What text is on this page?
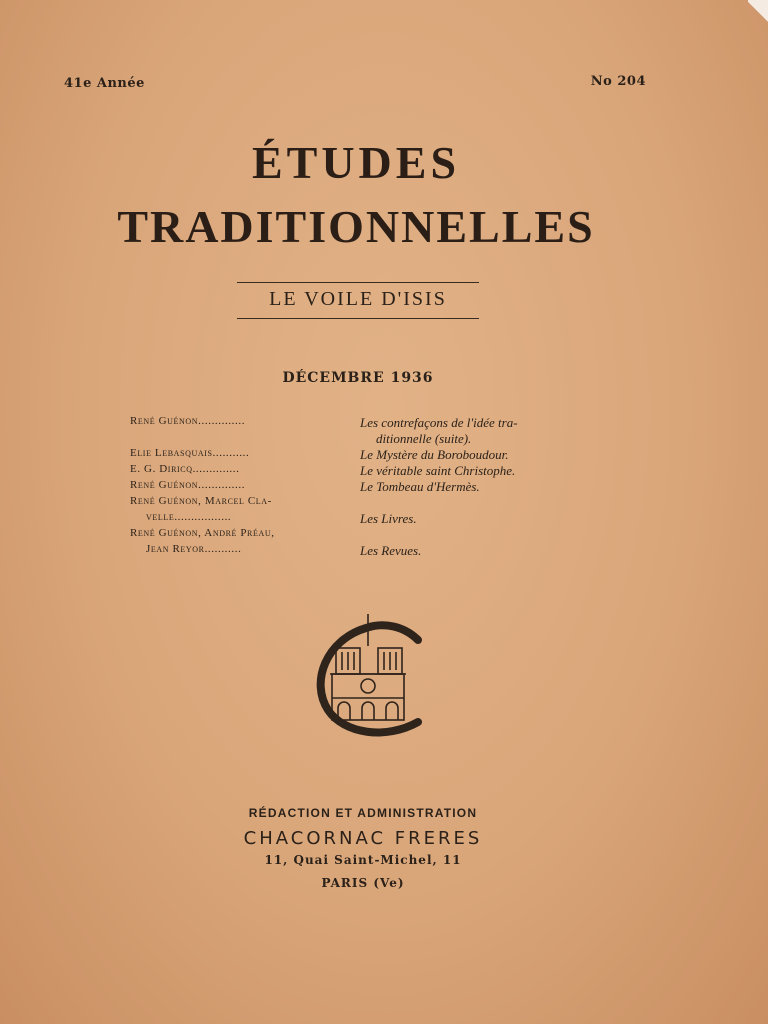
41e Année	No 204
ÉTUDES
TRADITIONNELLES
LE VOILE D'ISIS
DÉCEMBRE 1936
René Guénon..............	Les contrefaçons de l'idée tra-
ditionnelle (suite).
Elie Lebasquais...........	Le Mystère du Boroboudour.
E. G. Diricq..............	Le véritable saint Christophe.
René Guénon..............	Le Tombeau d'Hermès.
René Guénon, Marcel Cla-
velle.................	Les Livres.
René Guénon, André Préau,
Jean Reyor...........	Les Revues.
RÉDACTION ET ADMINISTRATION
CHACORNAC FRERES
11, Quai Saint-Michel, 11
PARIS (Ve)
